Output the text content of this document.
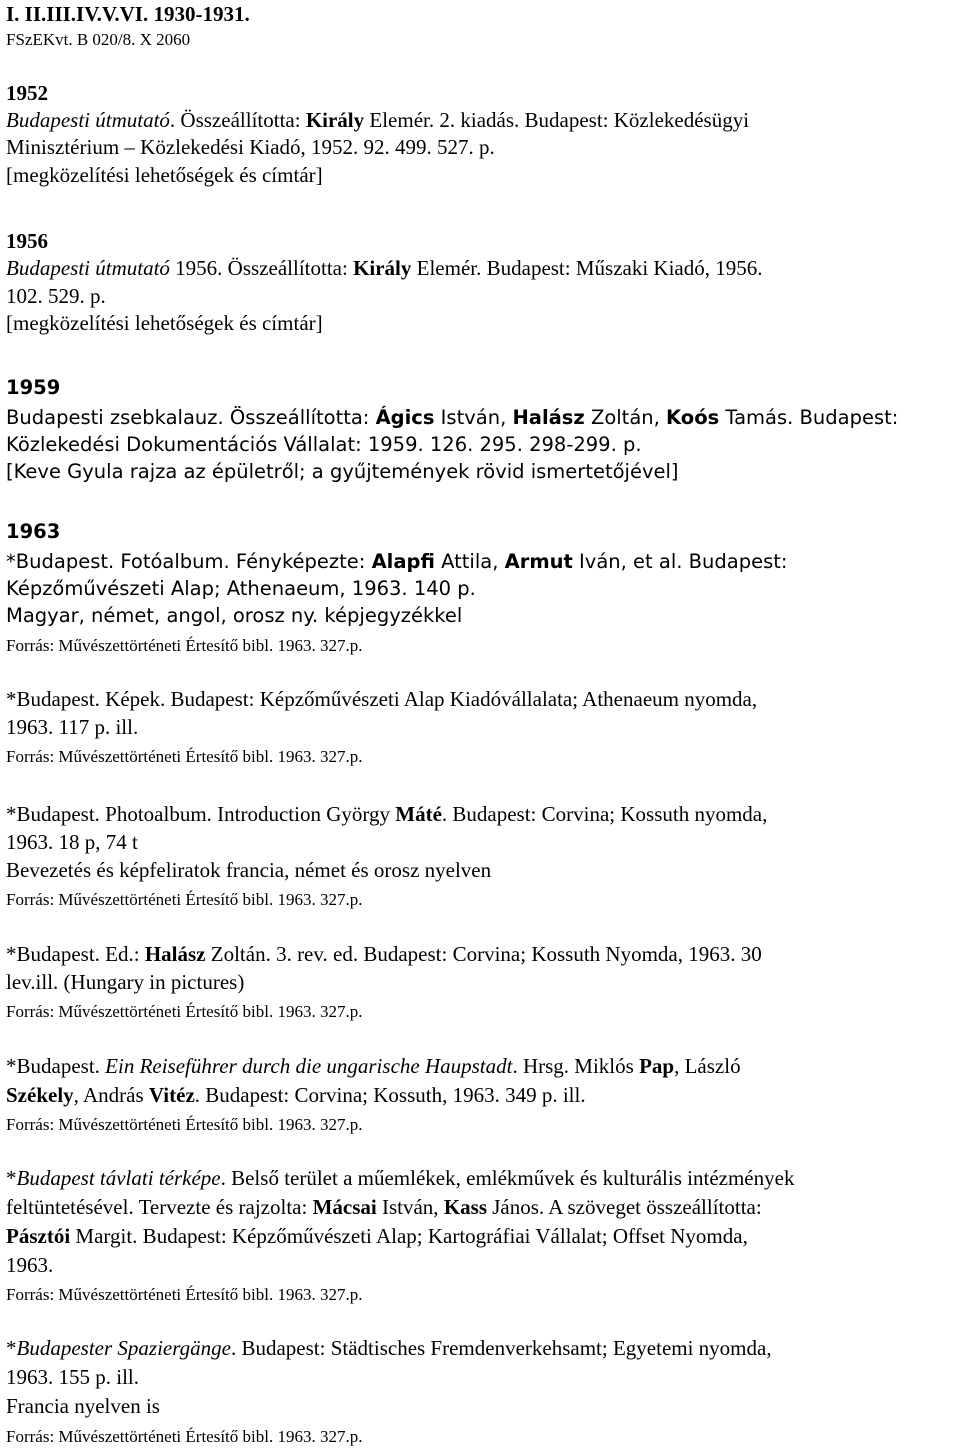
I. II.III.IV.V.VI. 1930-1931.
FSzEKvt. B 020/8. X 2060
1952
Budapesti útmutató. Összeállította: Király Elemér. 2. kiadás. Budapest: Közlekedésügyi
Minisztérium – Közlekedési Kiadó, 1952. 92. 499. 527. p.
[megközelítési lehetőségek és címtár]
1956
Budapesti útmutató 1956. Összeállította: Király Elemér. Budapest: Műszaki Kiadó, 1956.
102. 529. p.
[megközelítési lehetőségek és címtár]
1959
Budapesti zsebkalauz. Összeállította: Ágics István, Halász Zoltán, Koós Tamás. Budapest:
Közlekedési Dokumentációs Vállalat: 1959. 126. 295. 298-299. p.
[Keve Gyula rajza az épületről; a gyűjtemények rövid ismertetőjével]
1963
*Budapest. Fotóalbum. Fényképezte: Alapfi Attila, Armut Iván, et al. Budapest:
Képzőművészeti Alap; Athenaeum, 1963. 140 p.
Magyar, német, angol, orosz ny. képjegyzékkel
Forrás: Művészettörténeti Értesítő bibl. 1963. 327.p.
*Budapest. Képek. Budapest: Képzőművészeti Alap Kiadóvállalata; Athenaeum nyomda,
1963. 117 p. ill.
Forrás: Művészettörténeti Értesítő bibl. 1963. 327.p.
*Budapest. Photoalbum. Introduction György Máté. Budapest: Corvina; Kossuth nyomda,
1963. 18 p, 74 t
Bevezetés és képfeliratok francia, német és orosz nyelven
Forrás: Művészettörténeti Értesítő bibl. 1963. 327.p.
*Budapest. Ed.: Halász Zoltán. 3. rev. ed. Budapest: Corvina; Kossuth Nyomda, 1963. 30
lev.ill. (Hungary in pictures)
Forrás: Művészettörténeti Értesítő bibl. 1963. 327.p.
*Budapest. Ein Reiseführer durch die ungarische Haupstadt. Hrsg. Miklós Pap, László
Székely, András Vitéz. Budapest: Corvina; Kossuth, 1963. 349 p. ill.
Forrás: Művészettörténeti Értesítő bibl. 1963. 327.p.
*Budapest távlati térképe. Belső terület a műemlékek, emlékművek és kulturális intézmények
feltüntetésével. Tervezte és rajzolta: Mácsai István, Kass János. A szöveget összeállította:
Pásztói Margit. Budapest: Képzőművészeti Alap; Kartográfiai Vállalat; Offset Nyomda,
1963.
Forrás: Művészettörténeti Értesítő bibl. 1963. 327.p.
*Budapester Spaziergänge. Budapest: Städtisches Fremdenverkehsamt; Egyetemi nyomda,
1963. 155 p. ill.
Francia nyelven is
Forrás: Művészettörténeti Értesítő bibl. 1963. 327.p.
